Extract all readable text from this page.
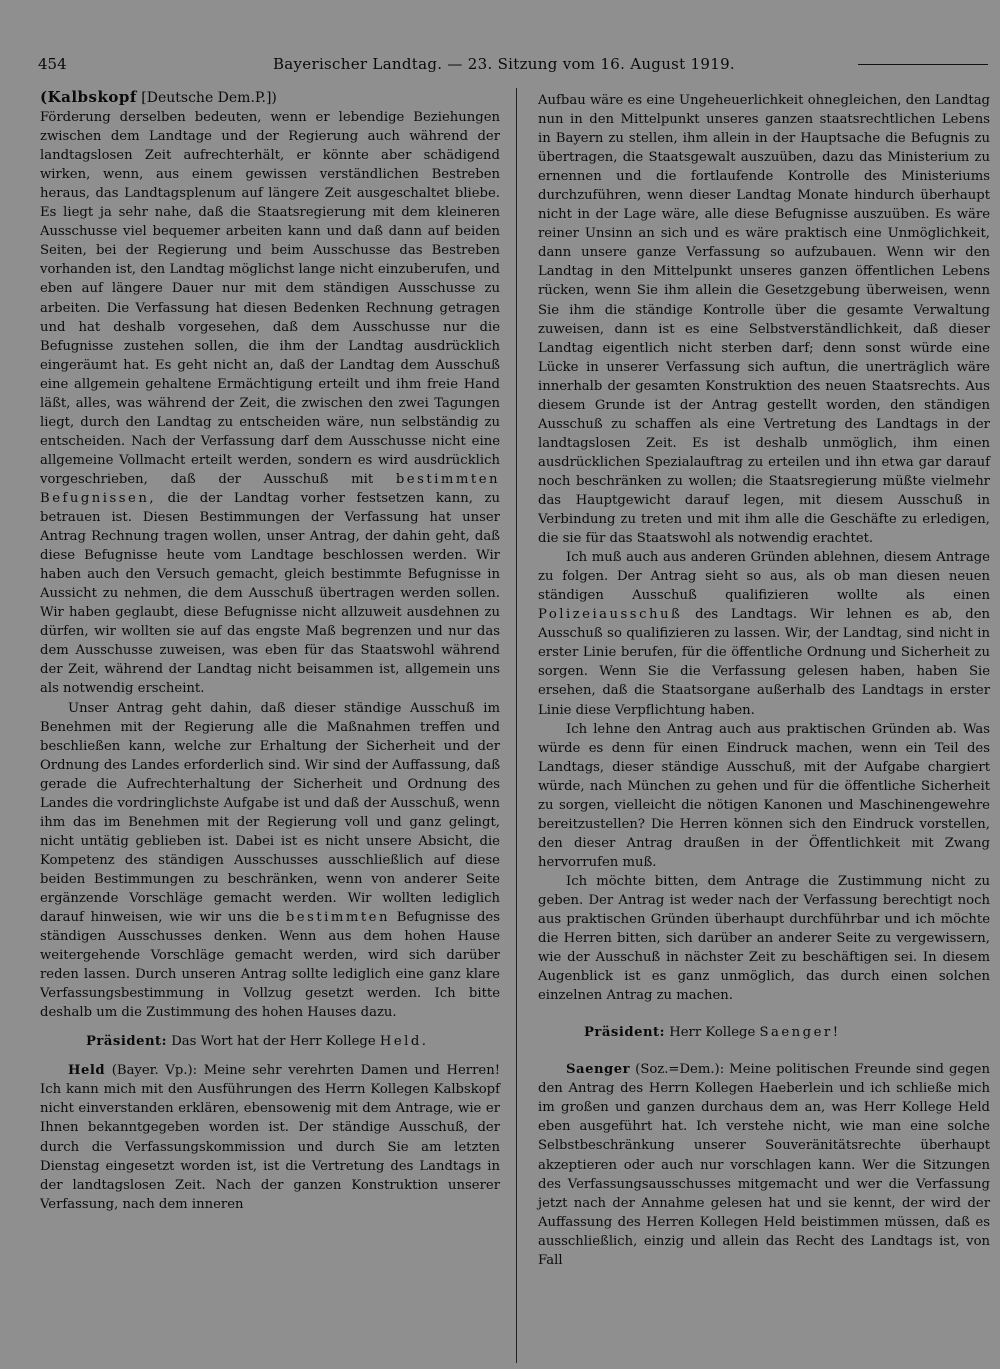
454	Bayerischer Landtag. — 23. Sitzung vom 16. August 1919.

(Kalbskopf [Deutsche Dem.P.])

Förderung derselben bedeuten, wenn er lebendige Beziehungen zwischen dem Landtage und der Regierung auch während der landtagslosen Zeit aufrechterhält, er könnte aber schädigend wirken, wenn, aus einem gewissen verständlichen Bestreben heraus, das Landtagsplenum auf längere Zeit ausgeschaltet bliebe. Es liegt ja sehr nahe, daß die Staatsregierung mit dem kleineren Ausschusse viel bequemer arbeiten kann und daß dann auf beiden Seiten, bei der Regierung und beim Ausschusse das Bestreben vorhanden ist, den Landtag möglichst lange nicht einzuberufen, und eben auf längere Dauer nur mit dem ständigen Ausschusse zu arbeiten. Die Verfassung hat diesen Bedenken Rechnung getragen und hat deshalb vorgesehen, daß dem Ausschusse nur die Befugnisse zustehen sollen, die ihm der Landtag ausdrücklich eingeräumt hat. Es geht nicht an, daß der Landtag dem Ausschuß eine allgemein gehaltene Ermächtigung erteilt und ihm freie Hand läßt, alles, was während der Zeit, die zwischen den zwei Tagungen liegt, durch den Landtag zu entscheiden wäre, nun selbständig zu entscheiden. Nach der Verfassung darf dem Ausschusse nicht eine allgemeine Vollmacht erteilt werden, sondern es wird ausdrücklich vorgeschrieben, daß der Ausschuß mit bestimmten Befugnissen, die der Landtag vorher festsetzen kann, zu betrauen ist. Diesen Bestimmungen der Verfassung hat unser Antrag Rechnung tragen wollen, unser Antrag, der dahin geht, daß diese Befugnisse heute vom Landtage beschlossen werden. Wir haben auch den Versuch gemacht, gleich bestimmte Befugnisse in Aussicht zu nehmen, die dem Ausschuß übertragen werden sollen. Wir haben geglaubt, diese Befugnisse nicht allzuweit ausdehnen zu dürfen, wir wollten sie auf das engste Maß begrenzen und nur das dem Ausschusse zuweisen, was eben für das Staatswohl während der Zeit, während der Landtag nicht beisammen ist, allgemein uns als notwendig erscheint.

Unser Antrag geht dahin, daß dieser ständige Ausschuß im Benehmen mit der Regierung alle die Maßnahmen treffen und beschließen kann, welche zur Erhaltung der Sicherheit und der Ordnung des Landes erforderlich sind. Wir sind der Auffassung, daß gerade die Aufrechterhaltung der Sicherheit und Ordnung des Landes die vordringlichste Aufgabe ist und daß der Ausschuß, wenn ihm das im Benehmen mit der Regierung voll und ganz gelingt, nicht untätig geblieben ist. Dabei ist es nicht unsere Absicht, die Kompetenz des ständigen Ausschusses ausschließlich auf diese beiden Bestimmungen zu beschränken, wenn von anderer Seite ergänzende Vorschläge gemacht werden. Wir wollten lediglich darauf hinweisen, wie wir uns die bestimmten Befugnisse des ständigen Ausschusses denken. Wenn aus dem hohen Hause weitergehende Vorschläge gemacht werden, wird sich darüber reden lassen. Durch unseren Antrag sollte lediglich eine ganz klare Verfassungsbestimmung in Vollzug gesetzt werden. Ich bitte deshalb um die Zustimmung des hohen Hauses dazu.

Präsident: Das Wort hat der Herr Kollege Held.

Held (Bayer. Vp.): Meine sehr verehrten Damen und Herren! Ich kann mich mit den Ausführungen des Herrn Kollegen Kalbskopf nicht einverstanden erklären, ebensowenig mit dem Antrage, wie er Ihnen bekanntgegeben worden ist. Der ständige Ausschuß, der durch die Verfassungskommission und durch Sie am letzten Dienstag eingesetzt worden ist, ist die Vertretung des Landtags in der landtagslosen Zeit. Nach der ganzen Konstruktion unserer Verfassung, nach dem inneren

Aufbau wäre es eine Ungeheuerlichkeit ohnegleichen, den Landtag nun in den Mittelpunkt unseres ganzen staatsrechtlichen Lebens in Bayern zu stellen, ihm allein in der Hauptsache die Befugnis zu übertragen, die Staatsgewalt auszuüben, dazu das Ministerium zu ernennen und die fortlaufende Kontrolle des Ministeriums durchzuführen, wenn dieser Landtag Monate hindurch überhaupt nicht in der Lage wäre, alle diese Befugnisse auszuüben. Es wäre reiner Unsinn an sich und es wäre praktisch eine Unmöglichkeit, dann unsere ganze Verfassung so aufzubauen. Wenn wir den Landtag in den Mittelpunkt unseres ganzen öffentlichen Lebens rücken, wenn Sie ihm allein die Gesetzgebung überweisen, wenn Sie ihm die ständige Kontrolle über die gesamte Verwaltung zuweisen, dann ist es eine Selbstverständlichkeit, daß dieser Landtag eigentlich nicht sterben darf; denn sonst würde eine Lücke in unserer Verfassung sich auftun, die unerträglich wäre innerhalb der gesamten Konstruktion des neuen Staatsrechts. Aus diesem Grunde ist der Antrag gestellt worden, den ständigen Ausschuß zu schaffen als eine Vertretung des Landtags in der landtagslosen Zeit. Es ist deshalb unmöglich, ihm einen ausdrücklichen Spezialauftrag zu erteilen und ihn etwa gar darauf noch beschränken zu wollen; die Staatsregierung müßte vielmehr das Hauptgewicht darauf legen, mit diesem Ausschuß in Verbindung zu treten und mit ihm alle die Geschäfte zu erledigen, die sie für das Staatswohl als notwendig erachtet.

Ich muß auch aus anderen Gründen ablehnen, diesem Antrage zu folgen. Der Antrag sieht so aus, als ob man diesen neuen ständigen Ausschuß qualifizieren wollte als einen Polizeiausschuß des Landtags. Wir lehnen es ab, den Ausschuß so qualifizieren zu lassen. Wir, der Landtag, sind nicht in erster Linie berufen, für die öffentliche Ordnung und Sicherheit zu sorgen. Wenn Sie die Verfassung gelesen haben, haben Sie ersehen, daß die Staatsorgane außerhalb des Landtags in erster Linie diese Verpflichtung haben.

Ich lehne den Antrag auch aus praktischen Gründen ab. Was würde es denn für einen Eindruck machen, wenn ein Teil des Landtags, dieser ständige Ausschuß, mit der Aufgabe chargiert würde, nach München zu gehen und für die öffentliche Sicherheit zu sorgen, vielleicht die nötigen Kanonen und Maschinengewehre bereitzustellen? Die Herren können sich den Eindruck vorstellen, den dieser Antrag draußen in der Öffentlichkeit mit Zwang hervorrufen muß.

Ich möchte bitten, dem Antrage die Zustimmung nicht zu geben. Der Antrag ist weder nach der Verfassung berechtigt noch aus praktischen Gründen überhaupt durchführbar und ich möchte die Herren bitten, sich darüber an anderer Seite zu vergewissern, wie der Ausschuß in nächster Zeit zu beschäftigen sei. In diesem Augenblick ist es ganz unmöglich, das durch einen solchen einzelnen Antrag zu machen.

Präsident: Herr Kollege Saenger!

Saenger (Soz.=Dem.): Meine politischen Freunde sind gegen den Antrag des Herrn Kollegen Haeberlein und ich schließe mich im großen und ganzen durchaus dem an, was Herr Kollege Held eben ausgeführt hat. Ich verstehe nicht, wie man eine solche Selbstbeschränkung unserer Souveränitätsrechte überhaupt akzeptieren oder auch nur vorschlagen kann. Wer die Sitzungen des Verfassungsausschusses mitgemacht und wer die Verfassung jetzt nach der Annahme gelesen hat und sie kennt, der wird der Auffassung des Herren Kollegen Held beistimmen müssen, daß es ausschließlich, einzig und allein das Recht des Landtags ist, von Fall
